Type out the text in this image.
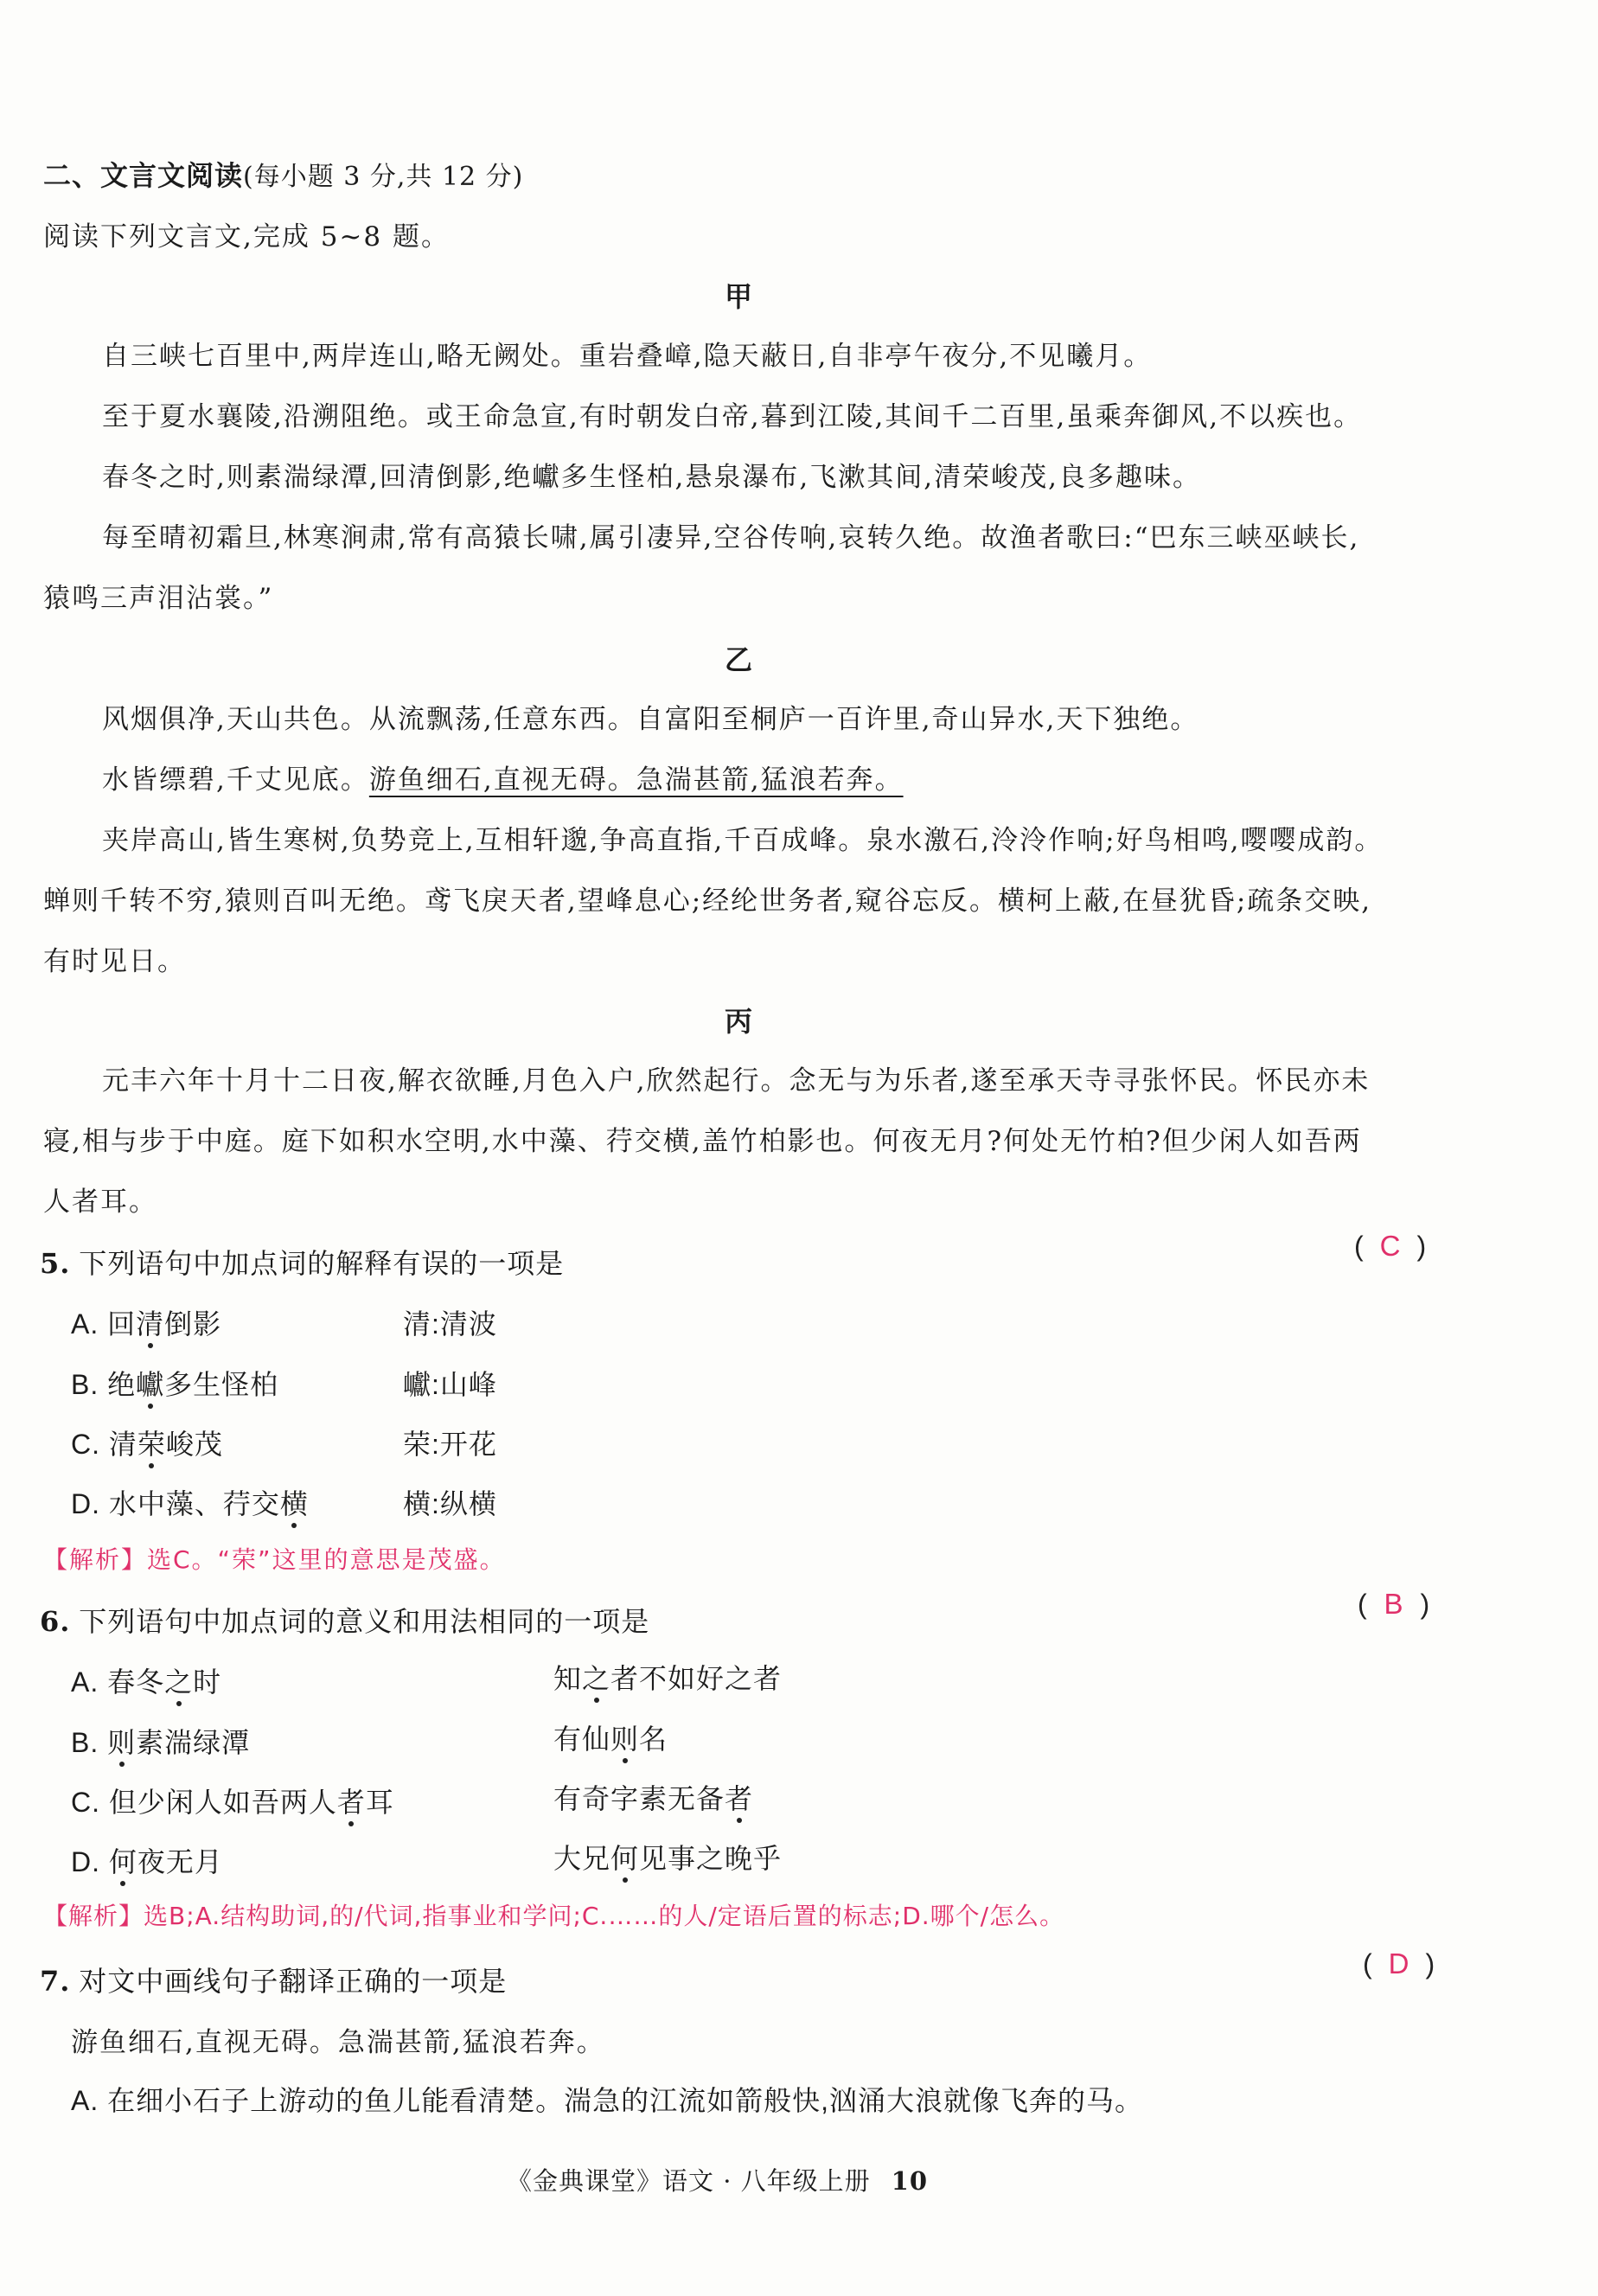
二、文言文阅读(每小题 3 分,共 12 分)
阅读下列文言文,完成 5~8 题。
甲
自三峡七百里中,两岸连山,略无阙处。重岩叠嶂,隐天蔽日,自非亭午夜分,不见曦月。
至于夏水襄陵,沿溯阻绝。或王命急宣,有时朝发白帝,暮到江陵,其间千二百里,虽乘奔御风,不以疾也。
春冬之时,则素湍绿潭,回清倒影,绝巘多生怪柏,悬泉瀑布,飞漱其间,清荣峻茂,良多趣味。
每至晴初霜旦,林寒涧肃,常有高猿长啸,属引凄异,空谷传响,哀转久绝。故渔者歌曰:“巴东三峡巫峡长,
猿鸣三声泪沾裳。”
乙
风烟俱净,天山共色。从流飘荡,任意东西。自富阳至桐庐一百许里,奇山异水,天下独绝。
水皆缥碧,千丈见底。游鱼细石,直视无碍。急湍甚箭,猛浪若奔。
夹岸高山,皆生寒树,负势竞上,互相轩邈,争高直指,千百成峰。泉水激石,泠泠作响;好鸟相鸣,嘤嘤成韵。
蝉则千转不穷,猿则百叫无绝。鸢飞戾天者,望峰息心;经纶世务者,窥谷忘反。横柯上蔽,在昼犹昏;疏条交映,
有时见日。
丙
元丰六年十月十二日夜,解衣欲睡,月色入户,欣然起行。念无与为乐者,遂至承天寺寻张怀民。怀民亦未
寝,相与步于中庭。庭下如积水空明,水中藻、荇交横,盖竹柏影也。何夜无月?何处无竹柏?但少闲人如吾两
人者耳。
5. 下列语句中加点词的解释有误的一项是
( C )
A. 回清倒影	清:清波
B. 绝巘多生怪柏	巘:山峰
C. 清荣峻茂	荣:开花
D. 水中藻、荇交横	横:纵横
【解析】选C。“荣”这里的意思是茂盛。
6. 下列语句中加点词的意义和用法相同的一项是
( B )
A. 春冬之时	知之者不如好之者
B. 则素湍绿潭	有仙则名
C. 但少闲人如吾两人者耳	有奇字素无备者
D. 何夜无月	大兄何见事之晚乎
【解析】选B;A.结构助词,的/代词,指事业和学问;C.……的人/定语后置的标志;D.哪个/怎么。
7. 对文中画线句子翻译正确的一项是
( D )
游鱼细石,直视无碍。急湍甚箭,猛浪若奔。
A. 在细小石子上游动的鱼儿能看清楚。湍急的江流如箭般快,汹涌大浪就像飞奔的马。
《金典课堂》语文 · 八年级上册 10
